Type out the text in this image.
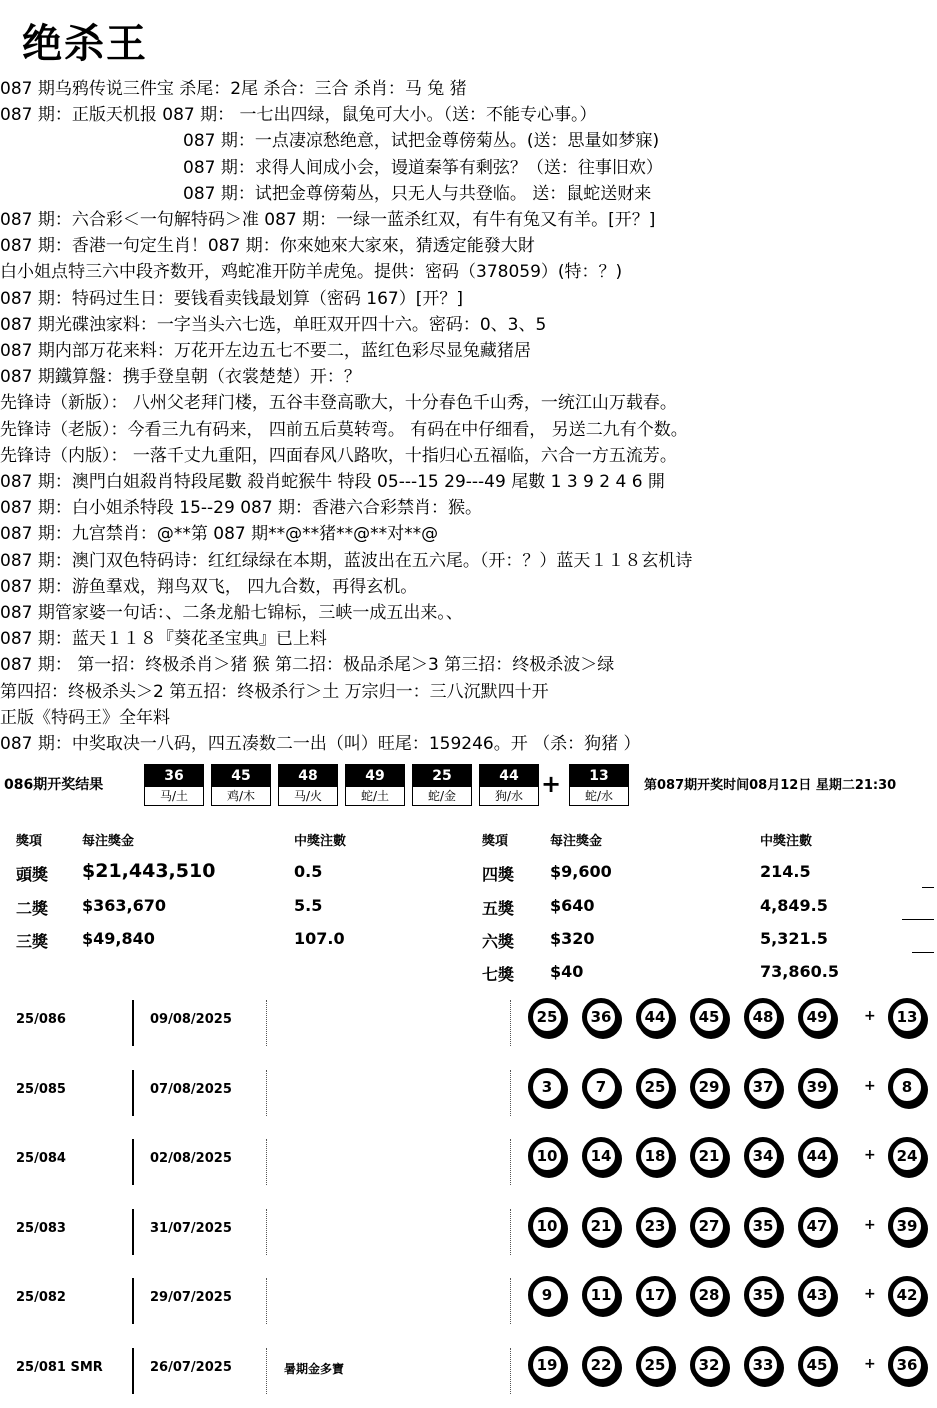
绝杀王
087 期乌鸦传说三件宝 杀尾：2尾 杀合：三合 杀肖：马 兔 猪
087 期：正版天机报 087 期： 一七出四绿，鼠兔可大小。（送：不能专心事。）
087 期：一点凄凉愁绝意，试把金尊傍菊丛。(送：思量如梦寐)
087 期：求得人间成小会，谩道秦筝有剩弦？（送：往事旧欢）
087 期：试把金尊傍菊丛，只无人与共登临。 送：鼠蛇送财来
087 期：六合彩＜一句解特码＞准 087 期：一绿一蓝杀红双，有牛有兔又有羊。[开？]
087 期：香港一句定生肖！087 期：你來她來大家來，猜透定能發大財
白小姐点特三六中段齐数开，鸡蛇准开防羊虎兔。提供：密码（378059）(特：？)
087 期：特码过生日：要钱看卖钱最划算（密码 167）[开？]
087 期光碟浊家料：一字当头六七选，单旺双开四十六。密码：0、3、5
087 期内部万花来料：万花开左边五七不要二，蓝红色彩尽显兔藏猪居
087 期鐵算盤：携手登皇朝（衣裳楚楚）开：？
先锋诗（新版）： 八州父老拜门楼，五谷丰登高歌大，十分春色千山秀，一统江山万载春。
先锋诗（老版）：今看三九有码来， 四前五后莫转弯。 有码在中仔细看， 另送二九有个数。
先锋诗（内版）： 一落千丈九重阳，四面春风八路吹，十指归心五福临，六合一方五流芳。
087 期：澳門白姐殺肖特段尾數 殺肖蛇猴牛 特段 05---15 29---49 尾數 1 3 9 2 4 6 開
087 期：白小姐杀特段 15--29 087 期：香港六合彩禁肖：猴。
087 期：九宫禁肖：@**第 087 期**@**猪**@**对**@
087 期：澳门双色特码诗：红红绿绿在本期，蓝波出在五六尾。（开：？）蓝天１１８玄机诗
087 期：游鱼羣戏，翔鸟双飞， 四九合数，再得玄机。
087 期管家婆一句话：、二条龙船七锦标，三峡一成五出来。、
087 期：蓝天１１８『葵花圣宝典』已上料
087 期： 第一招：终极杀肖＞猪 猴 第二招：极品杀尾＞3 第三招：终极杀波＞绿
第四招：终极杀头＞2 第五招：终极杀行＞土 万宗归一：三八沉默四十开
正版《特码王》全年料
087 期：中奖取决一八码，四五凑数二一出（叫）旺尾：159246。开 （杀：狗猪 ）
086期开奖结果	第087期开奖时间08月12日 星期二21:30
36
马/土
45
鸡/木
48
马/火
49
蛇/土
25
蛇/金
44
狗/水 +	13
蛇/水
獎項	每注獎金	中獎注數	獎項	每注獎金	中獎注數
頭獎 $21,443,510	0.5
二獎 $363,670	5.5
三獎 $49,840	107.0
四獎 $9,600	214.5
五獎 $640	4,849.5
六獎 $320	5,321.5
七獎 $40	73,860.5
25/086	09/08/2025	25	36	44	45	48	49	+	13
25/085	07/08/2025	3	7	25	29	37	39	+	8
25/084	02/08/2025	10	14	18	21	34	44	+	24
25/083	31/07/2025	10	21	23	27	35	47	+	39
25/082	29/07/2025	9	11	17	28	35	43	+	42
25/081 SMR	26/07/2025	暑期金多寶	19	22	25	32	33	45	+	36
